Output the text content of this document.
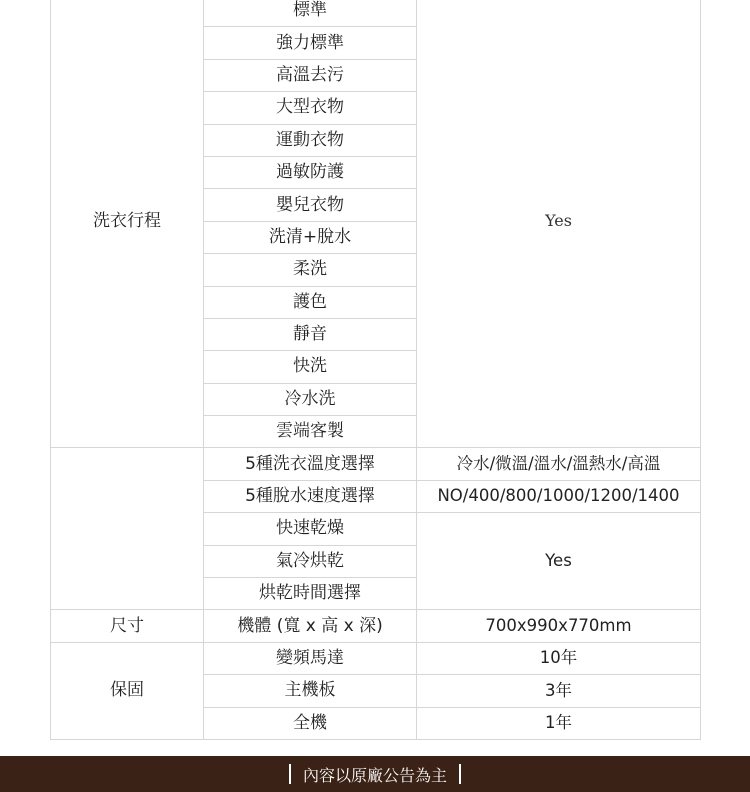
洗衣行程	標準	Yes
	強力標準	
	高溫去污	
	大型衣物	
	運動衣物	
	過敏防護	
	嬰兒衣物	
	洗清+脫水	
	柔洗	
	護色	
	靜音	
	快洗	
	冷水洗	
	雲端客製	
	5種洗衣溫度選擇	冷水/微溫/溫水/溫熱水/高溫
	5種脫水速度選擇	NO/400/800/1000/1200/1400
	快速乾燥	Yes
	氣冷烘乾	
	烘乾時間選擇	
尺寸	機體 (寬 x 高 x 深)	700x990x770mm
保固	變頻馬達	10年
	主機板	3年
	全機	1年
內容以原廠公告為主
